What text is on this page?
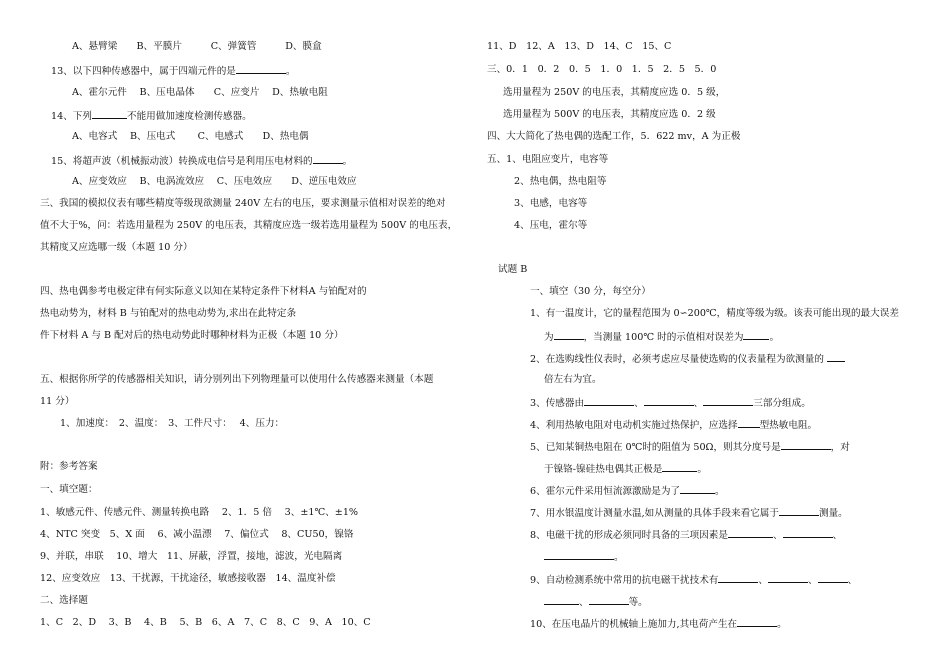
A、悬臂梁　　B、平膜片　　　C、弹簧管　　　D、膜盒
13、以下四种传感器中，属于四端元件的是	。
A、霍尔元件　 B、压电晶体　　C、应变片　 D、热敏电阻
14、下列	不能用做加速度检测传感器。
A、电容式　 B、压电式　　 C、电感式　　D、热电偶
15、将超声波（机械振动波）转换成电信号是利用压电材料的	。
A、应变效应　 B、电涡流效应　 C、压电效应　　D、逆压电效应
三、我国的模拟仪表有哪些精度等级现欲测量 240V 左右的电压，要求测量示值相对误差的绝对
值不大于%，问：若选用量程为 250V 的电压表，其精度应选一级若选用量程为 500V 的电压表，
其精度又应选哪一级（本题 10 分）
四、热电偶参考电极定律有何实际意义以知在某特定条件下材料A 与铂配对的
热电动势为，材料 B 与铂配对的热电动势为,求出在此特定条
件下材料 A 与 B 配对后的热电动势此时哪种材料为正极（本题 10 分）
五、根据你所学的传感器相关知识，请分别列出下列物理量可以使用什么传感器来测量（本题
11 分）
1、加速度：　2、温度：　3、工件尺寸：　 4、压力：
附：参考答案
一、填空题：
1、敏感元件、传感元件、测量转换电路　 2、1．5 倍　 3、±1℃、±1%
4、NTC 突变　5、X 面　 6、减小温漂　 7、偏位式　 8、CU50，镍铬
9、并联，串联　 10、增大　11、屏蔽，浮置，接地，滤波，光电隔离
12、应变效应　13、干扰源，干扰途径，敏感接收器　14、温度补偿
二、选择题
1、C　2、D　 3、B　 4、B　 5、B　6、A　7、C　8、C　9、A　10、C
11、D　12、A　13、D　14、C　15、C
三、0．1　0．2　0．5　1．0　1．5　2．5　5．0
选用量程为 250V 的电压表，其精度应选 0．5 级，
选用量程为 500V 的电压表，其精度应选 0．2 级
四、大大简化了热电偶的选配工作，5．622 mv，A 为正极
五、1、电阻应变片，电容等
2、热电偶，热电阻等
3、电感，电容等
4、压电，霍尔等
试题 B
一、填空（30 分，每空分）
1、有一温度计，它的量程范围为 0∽200℃，精度等级为级。该表可能出现的最大误差
为	，当测量 100℃ 时的示值相对误差为	。
2、在选购线性仪表时，必须考虑应尽量使选购的仪表量程为欲测量的
倍左右为宜。
3、传感器由	、	、	三部分组成。
4、利用热敏电阻对电动机实施过热保护，应选择 型热敏电阻。
5、已知某铜热电阻在 0℃时的阻值为 50Ω，则其分度号是	，对
于镍铬-镍硅热电偶其正极是	。
6、霍尔元件采用恒流源激励是为了	。
7、用水银温度计测量水温,如从测量的具体手段来看它属于	测量。
8、电磁干扰的形成必须同时具备的三项因素是	、	、
。
9、自动检测系统中常用的抗电磁干扰技术有	、	、	、
、	等。
10、在压电晶片的机械轴上施加力,其电荷产生在	。
